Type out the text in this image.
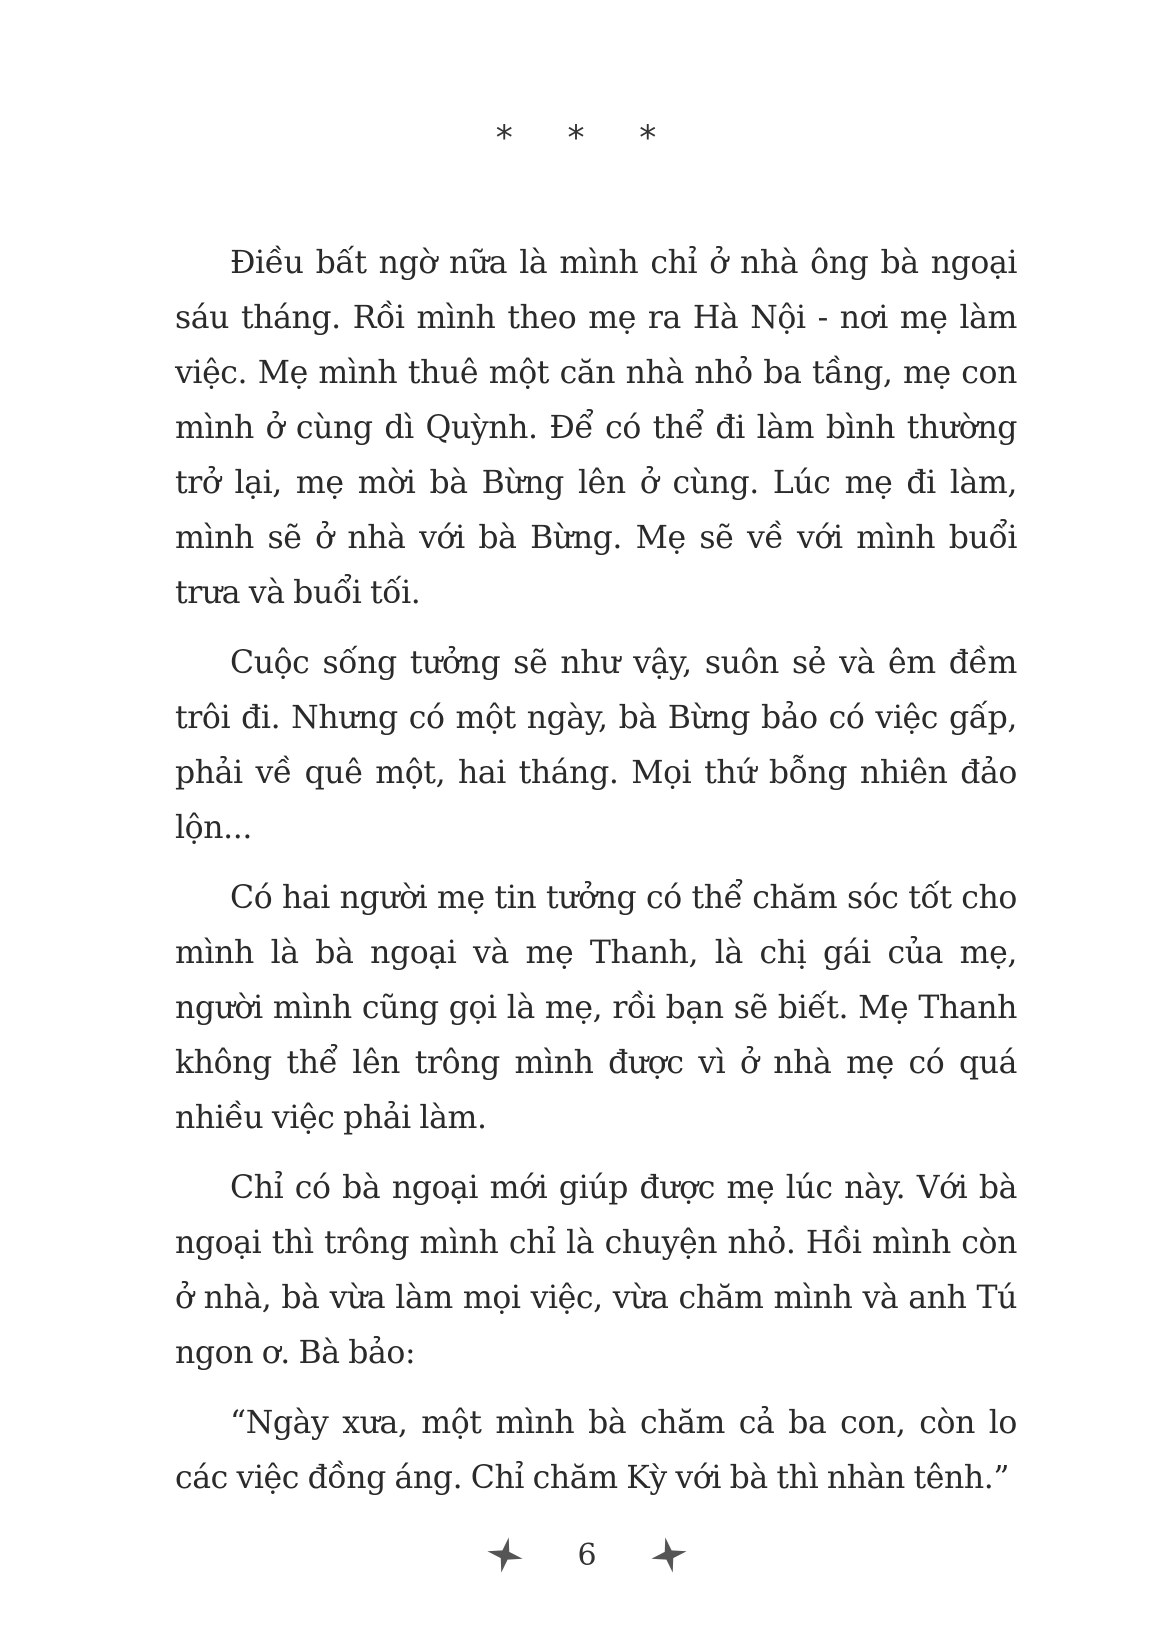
* * *

Điều bất ngờ nữa là mình chỉ ở nhà ông bà ngoại sáu tháng. Rồi mình theo mẹ ra Hà Nội - nơi mẹ làm việc. Mẹ mình thuê một căn nhà nhỏ ba tầng, mẹ con mình ở cùng dì Quỳnh. Để có thể đi làm bình thường trở lại, mẹ mời bà Bừng lên ở cùng. Lúc mẹ đi làm, mình sẽ ở nhà với bà Bừng. Mẹ sẽ về với mình buổi trưa và buổi tối.

Cuộc sống tưởng sẽ như vậy, suôn sẻ và êm đềm trôi đi. Nhưng có một ngày, bà Bừng bảo có việc gấp, phải về quê một, hai tháng. Mọi thứ bỗng nhiên đảo lộn...

Có hai người mẹ tin tưởng có thể chăm sóc tốt cho mình là bà ngoại và mẹ Thanh, là chị gái của mẹ, người mình cũng gọi là mẹ, rồi bạn sẽ biết. Mẹ Thanh không thể lên trông mình được vì ở nhà mẹ có quá nhiều việc phải làm.

Chỉ có bà ngoại mới giúp được mẹ lúc này. Với bà ngoại thì trông mình chỉ là chuyện nhỏ. Hồi mình còn ở nhà, bà vừa làm mọi việc, vừa chăm mình và anh Tú ngon ơ. Bà bảo:

“Ngày xưa, một mình bà chăm cả ba con, còn lo các việc đồng áng. Chỉ chăm Kỳ với bà thì nhàn tênh.”

6
